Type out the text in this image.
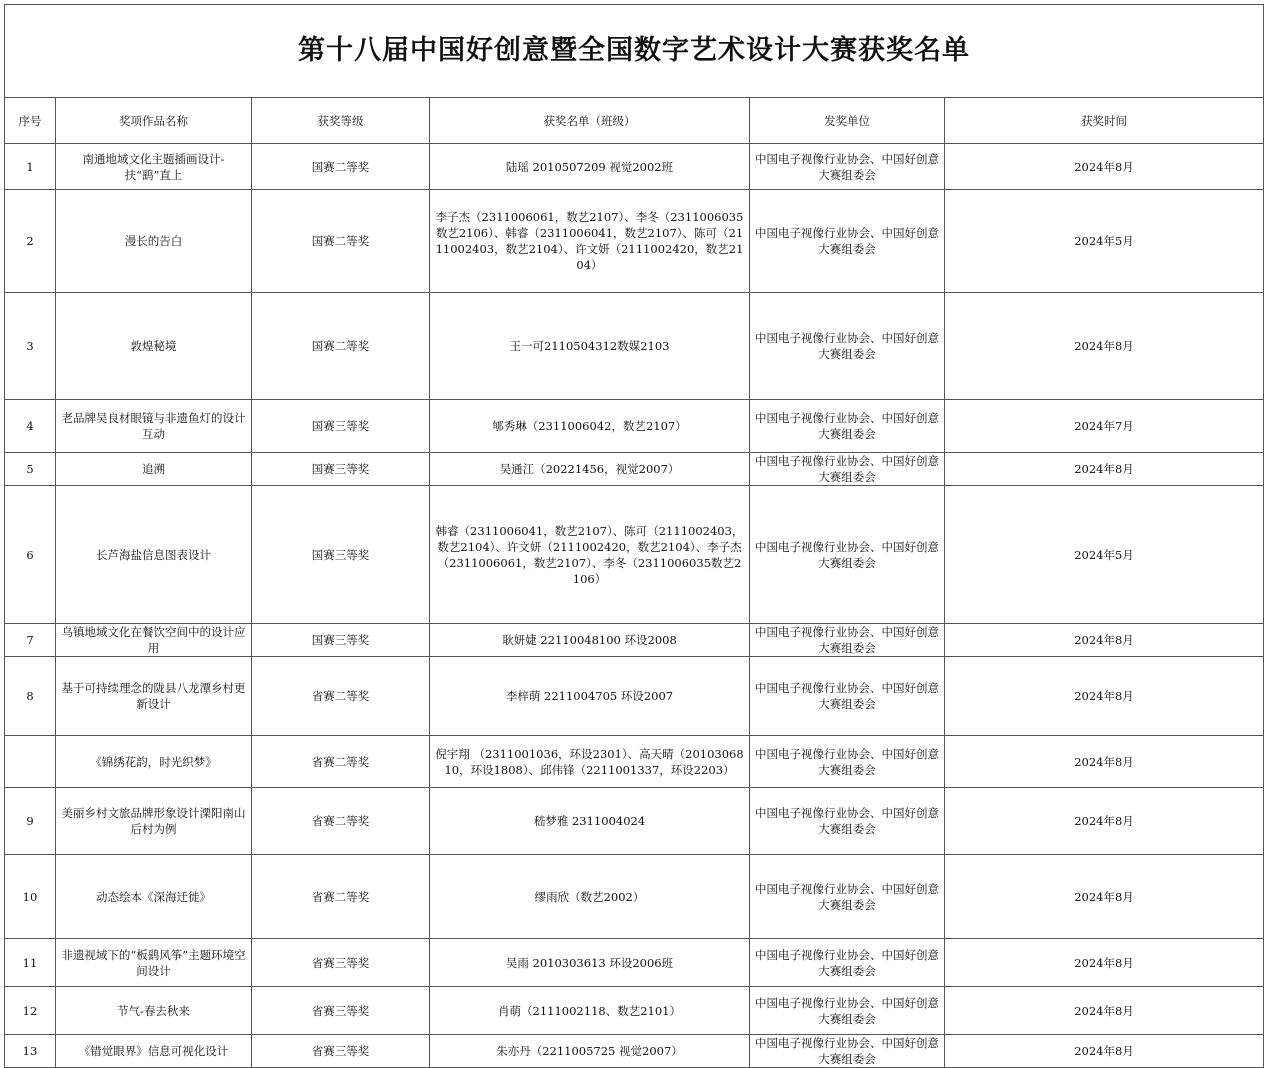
第十八届中国好创意暨全国数字艺术设计大赛获奖名单					
序号	奖项作品名称	获奖等级	获奖名单（班级）	发奖单位	获奖时间
1	南通地域文化主题插画设计-扶“鹞”直上	国赛二等奖	陆瑶 2010507209 视觉2002班	中国电子视像行业协会、中国好创意大赛组委会	2024年8月
2	漫长的告白	国赛二等奖	李子杰（2311006061，数艺2107）、李冬（2311006035数艺2106）、韩睿（2311006041，数艺2107）、陈可（2111002403，数艺2104）、许文妍（2111002420，数艺2104）	中国电子视像行业协会、中国好创意大赛组委会	2024年5月
3	敦煌秘境	国赛二等奖	王一可2110504312数媒2103	中国电子视像行业协会、中国好创意大赛组委会	2024年8月
4	老品牌吴良材眼镜与非遗鱼灯的设计互动	国赛三等奖	郇秀琳（2311006042，数艺2107）	中国电子视像行业协会、中国好创意大赛组委会	2024年7月
5	追溯	国赛三等奖	吴通江（20221456，视觉2007）	中国电子视像行业协会、中国好创意大赛组委会	2024年8月
6	长芦海盐信息图表设计	国赛三等奖	韩睿（2311006041，数艺2107）、陈可（2111002403，数艺2104）、许文妍（2111002420，数艺2104）、李子杰（2311006061，数艺2107）、李冬（2311006035数艺2106）	中国电子视像行业协会、中国好创意大赛组委会	2024年5月
7	乌镇地域文化在餐饮空间中的设计应用	国赛三等奖	耿妍婕 22110048100 环设2008	中国电子视像行业协会、中国好创意大赛组委会	2024年8月
8	基于可持续理念的陇县八龙潭乡村更新设计	省赛二等奖	李梓萌 2211004705 环设2007	中国电子视像行业协会、中国好创意大赛组委会	2024年8月
	《锦绣花韵，时光织梦》	省赛二等奖	倪宇翔 （2311001036，环设2301）、高天晴（2010306810，环设1808）、邱伟锋（2211001337，环设2203）	中国电子视像行业协会、中国好创意大赛组委会	2024年8月
9	美丽乡村文旅品牌形象设计溧阳南山后村为例	省赛二等奖	嵇梦雅 2311004024	中国电子视像行业协会、中国好创意大赛组委会	2024年8月
10	动态绘本《深海迁徙》	省赛二等奖	缪雨欣（数艺2002）	中国电子视像行业协会、中国好创意大赛组委会	2024年8月
11	非遗视域下的“板鹞风筝”主题环境空间设计	省赛三等奖	吴雨 2010303613 环设2006班	中国电子视像行业协会、中国好创意大赛组委会	2024年8月
12	节气-春去秋来	省赛三等奖	肖萌（2111002118、数艺2101）	中国电子视像行业协会、中国好创意大赛组委会	2024年8月
13	《错觉眼界》信息可视化设计	省赛三等奖	朱亦丹（2211005725 视觉2007）	中国电子视像行业协会、中国好创意大赛组委会	2024年8月
